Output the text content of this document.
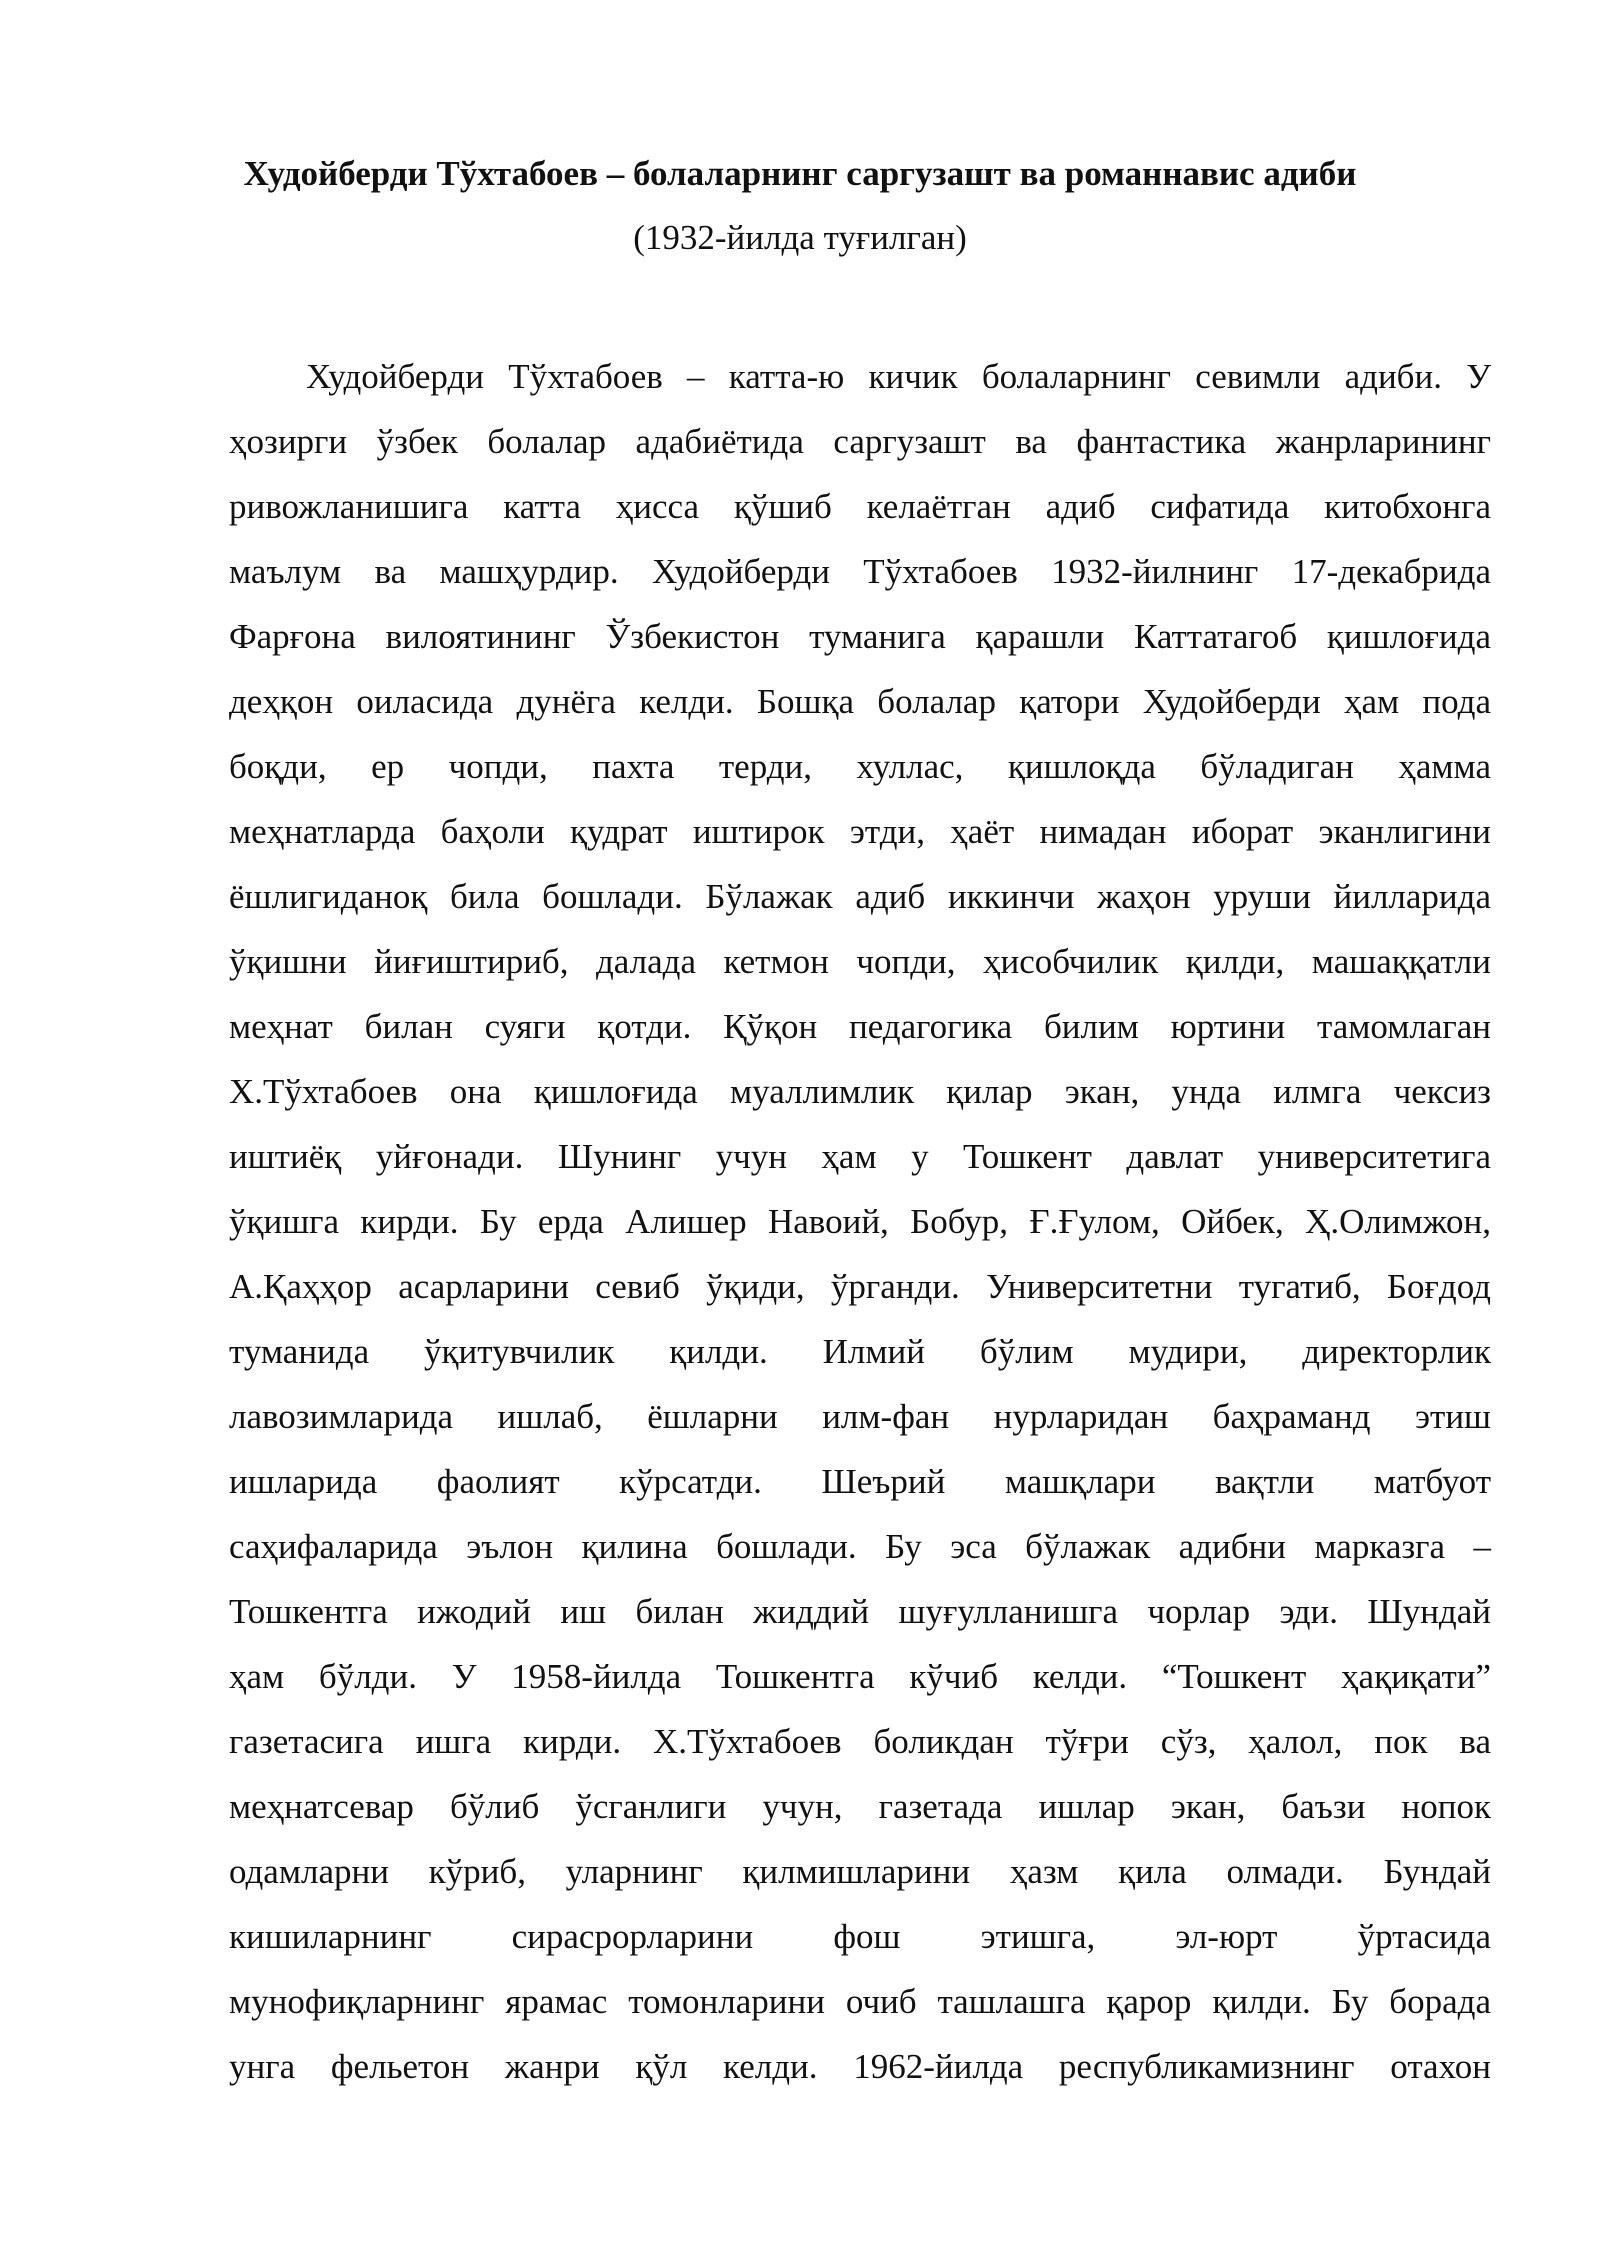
Худойберди Тўхтабоев – болаларнинг саргузашт ва романнавис адиби

(1932-йилда туғилган)

Худойберди Тўхтабоев – катта-ю кичик болаларнинг севимли адиби. У
ҳозирги ўзбек болалар адабиётида саргузашт ва фантастика жанрларининг
ривожланишига катта ҳисса қўшиб келаётган адиб сифатида китобхонга
маълум ва машҳурдир. Худойберди Тўхтабоев 1932-йилнинг 17-декабрида
Фарғона вилоятининг Ўзбекистон туманига қарашли Каттатагоб қишлоғида
деҳқон оиласида дунёга келди. Бошқа болалар қатори Худойберди ҳам пода
боқди, ер чопди, пахта терди, хуллас, қишлоқда бўладиган ҳамма
меҳнатларда баҳоли қудрат иштирок этди, ҳаёт нимадан иборат эканлигини
ёшлигиданоқ била бошлади. Бўлажак адиб иккинчи жаҳон уруши йилларида
ўқишни йиғиштириб, далада кетмон чопди, ҳисобчилик қилди, машаққатли
меҳнат билан суяги қотди. Қўқон педагогика билим юртини тамомлаган
Х.Тўхтабоев она қишлоғида муаллимлик қилар экан, унда илмга чексиз
иштиёқ уйғонади. Шунинг учун ҳам у Тошкент давлат университетига
ўқишга кирди. Бу ерда Алишер Навоий, Бобур, Ғ.Ғулом, Ойбек, Ҳ.Олимжон,
А.Қаҳҳор асарларини севиб ўқиди, ўрганди. Университетни тугатиб, Боғдод
туманида ўқитувчилик қилди. Илмий бўлим мудири, директорлик
лавозимларида ишлаб, ёшларни илм-фан нурларидан баҳраманд этиш
ишларида фаолият кўрсатди. Шеърий машқлари вақтли матбуот
саҳифаларида эълон қилина бошлади. Бу эса бўлажак адибни марказга –
Тошкентга ижодий иш билан жиддий шуғулланишга чорлар эди. Шундай
ҳам бўлди. У 1958-йилда Тошкентга кўчиб келди. “Тошкент ҳақиқати”
газетасига ишга кирди. Х.Тўхтабоев боликдан тўғри сўз, ҳалол, пок ва
меҳнатсевар бўлиб ўсганлиги учун, газетада ишлар экан, баъзи нопок
одамларни кўриб, уларнинг қилмишларини ҳазм қила олмади. Бундай
кишиларнинг сирасрорларини фош этишга, эл-юрт ўртасида
мунофиқларнинг ярамас томонларини очиб ташлашга қарор қилди. Бу борада
унга фельетон жанри қўл келди. 1962-йилда республикамизнинг отахон
